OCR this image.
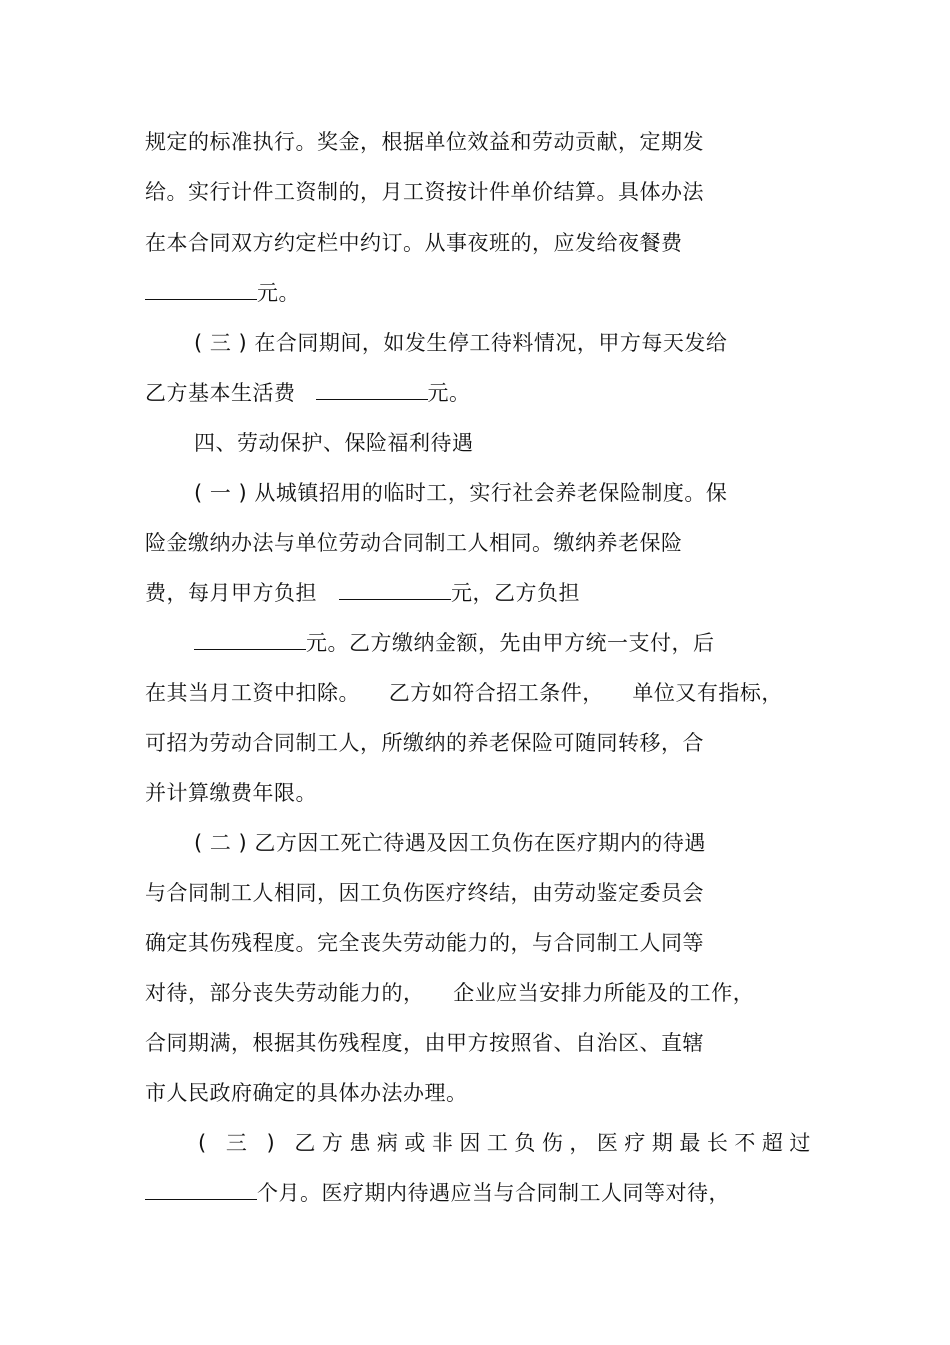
规定的标准执行。奖金，根据单位效益和劳动贡献，定期发
给。实行计件工资制的，月工资按计件单价结算。具体办法
在本合同双方约定栏中约订。从事夜班的，应发给夜餐费
元。
( 三 ) 在合同期间，如发生停工待料情况，甲方每天发给
乙方基本生活费	元。
四、劳动保护、保险福利待遇
( 一 ) 从城镇招用的临时工，实行社会养老保险制度。保
险金缴纳办法与单位劳动合同制工人相同。缴纳养老保险
费，每月甲方负担	元，乙方负担
元。乙方缴纳金额，先由甲方统一支付，后
在其当月工资中扣除。    乙方如符合招工条件，    单位又有指标，
可招为劳动合同制工人，所缴纳的养老保险可随同转移，合
并计算缴费年限。
( 二 ) 乙方因工死亡待遇及因工负伤在医疗期内的待遇
与合同制工人相同，因工负伤医疗终结，由劳动鉴定委员会
确定其伤残程度。完全丧失劳动能力的，与合同制工人同等
对待，部分丧失劳动能力的，    企业应当安排力所能及的工作，
合同期满，根据其伤残程度，由甲方按照省、自治区、直辖
市人民政府确定的具体办法办理。
( 三 ) 乙方患病或非因工负伤，医疗期最长不超过
个月。医疗期内待遇应当与合同制工人同等对待，
